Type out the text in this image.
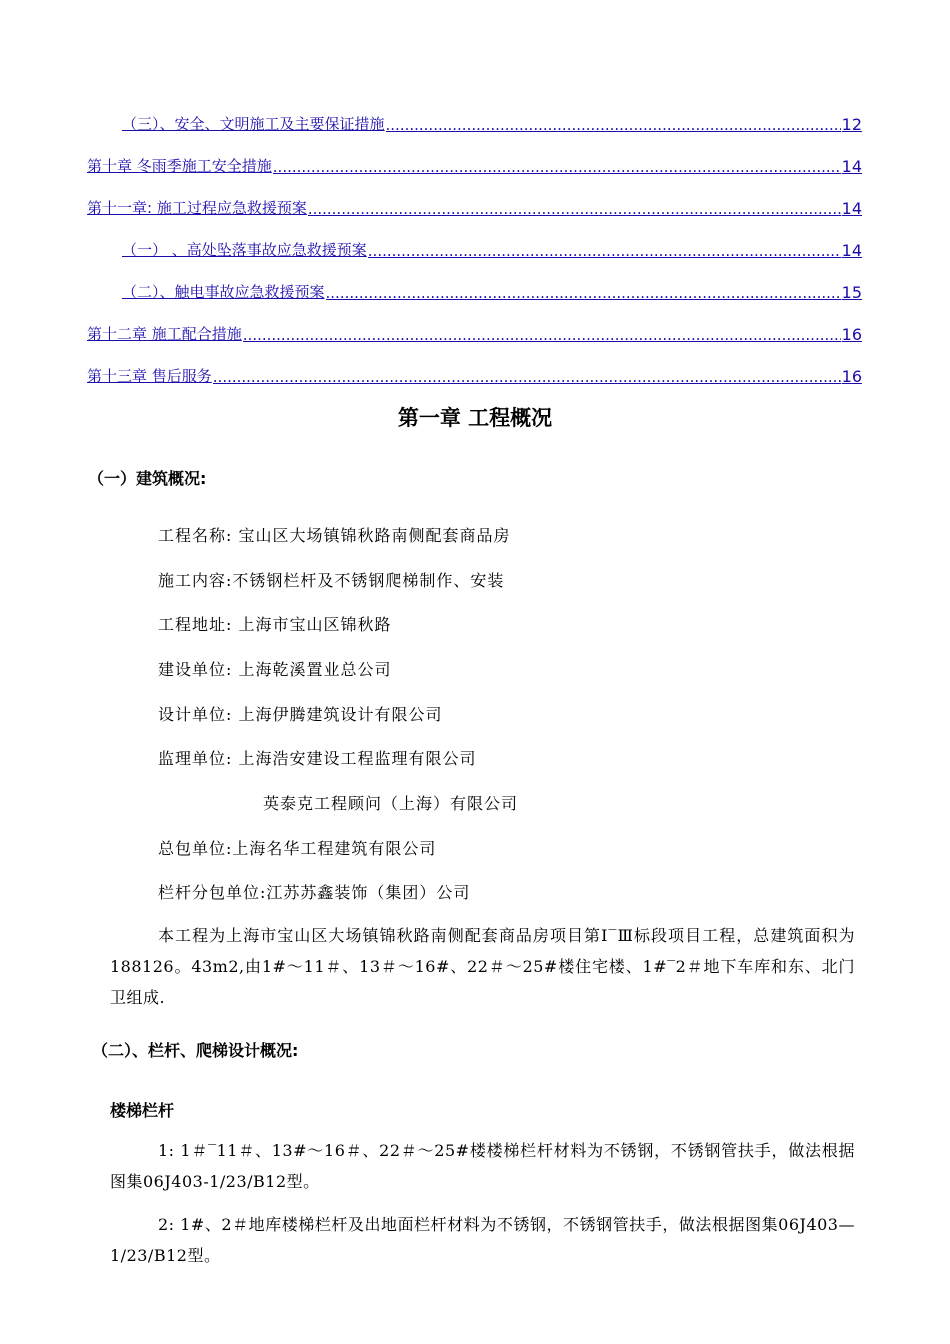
（三）、安全、文明施工及主要保证措施 .....	12
第十章 冬雨季施工安全措施 .....	14
第十一章: 施工过程应急救援预案 .....	14
（一） 、高处坠落事故应急救援预案 .....	14
（二）、触电事故应急救援预案 .....	15
第十二章 施工配合措施 .....	16
第十三章 售后服务 .....	16
第一章 工程概况
（一）建筑概况:
工程名称: 宝山区大场镇锦秋路南侧配套商品房
施工内容:不锈钢栏杆及不锈钢爬梯制作、安装
工程地址: 上海市宝山区锦秋路
建设单位: 上海乾溪置业总公司
设计单位: 上海伊腾建筑设计有限公司
监理单位: 上海浩安建设工程监理有限公司
英泰克工程顾问（上海）有限公司
总包单位:上海名华工程建筑有限公司
栏杆分包单位:江苏苏鑫装饰（集团）公司
本工程为上海市宝山区大场镇锦秋路南侧配套商品房项目第Ⅰ‾Ⅲ标段项目工程，总建筑面积为188126。43m2,由1#～11＃、13＃～16#、22＃～25#楼住宅楼、1#‾2＃地下车库和东、北门卫组成.
（二）、栏杆、爬梯设计概况:
楼梯栏杆
1: 1＃‾11＃、13#～16＃、22＃～25#楼楼梯栏杆材料为不锈钢，不锈钢管扶手，做法根据图集06J403-1/23/B12型。
2: 1#、2＃地库楼梯栏杆及出地面栏杆材料为不锈钢，不锈钢管扶手，做法根据图集06J403—1/23/B12型。
